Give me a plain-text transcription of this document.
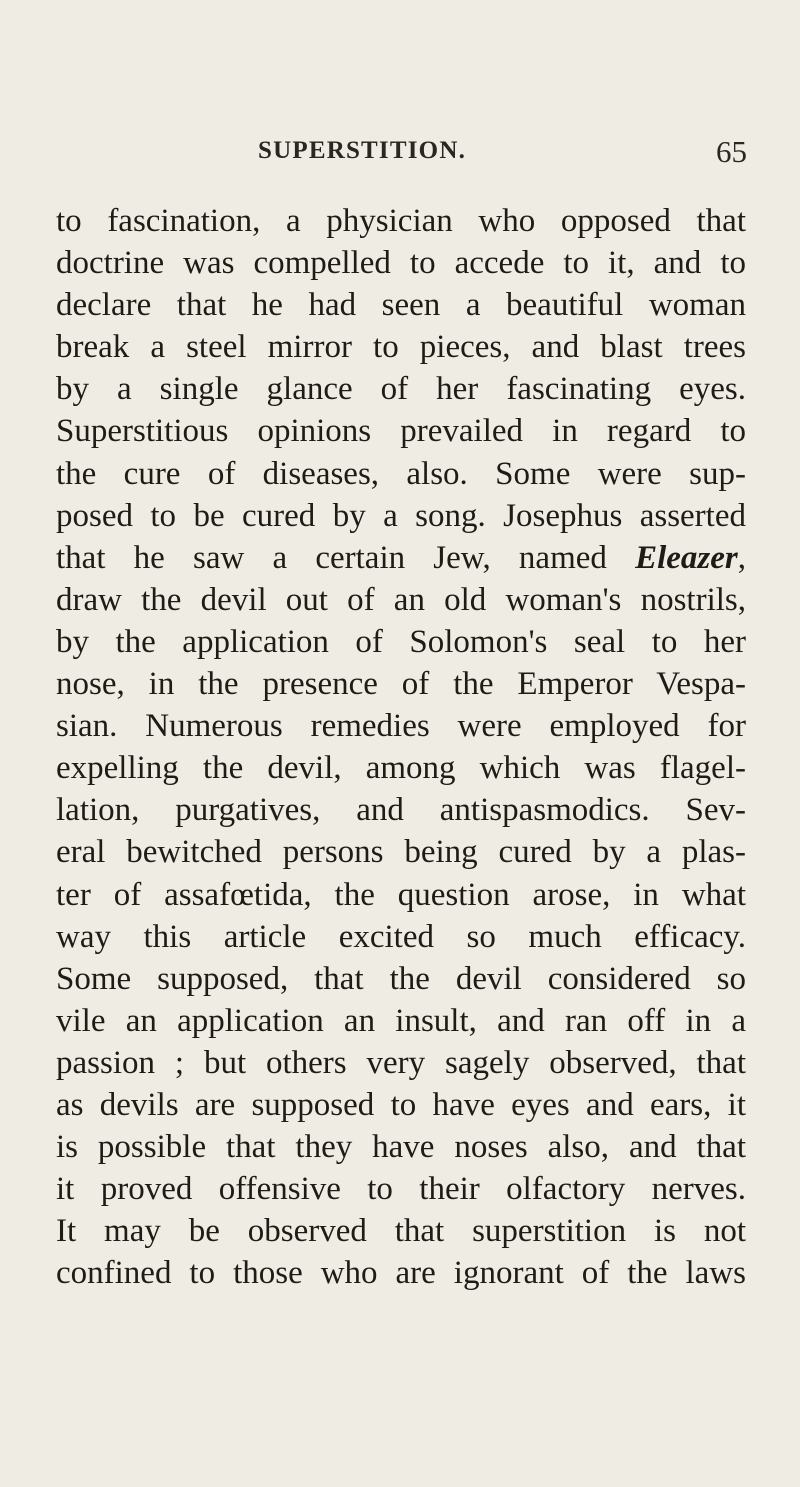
SUPERSTITION.	65
to fascination, a physician who opposed that
doctrine was compelled to accede to it, and to
declare that he had seen a beautiful woman
break a steel mirror to pieces, and blast trees
by a single glance of her fascinating eyes.
Superstitious opinions prevailed in regard to
the cure of diseases, also. Some were sup-
posed to be cured by a song. Josephus asserted
that he saw a certain Jew, named Eleazer,
draw the devil out of an old woman's nostrils,
by the application of Solomon's seal to her
nose, in the presence of the Emperor Vespa-
sian. Numerous remedies were employed for
expelling the devil, among which was flagel-
lation, purgatives, and antispasmodics. Sev-
eral bewitched persons being cured by a plas-
ter of assafœtida, the question arose, in what
way this article excited so much efficacy.
Some supposed, that the devil considered so
vile an application an insult, and ran off in a
passion ; but others very sagely observed, that
as devils are supposed to have eyes and ears, it
is possible that they have noses also, and that
it proved offensive to their olfactory nerves.
It may be observed that superstition is not
confined to those who are ignorant of the laws
